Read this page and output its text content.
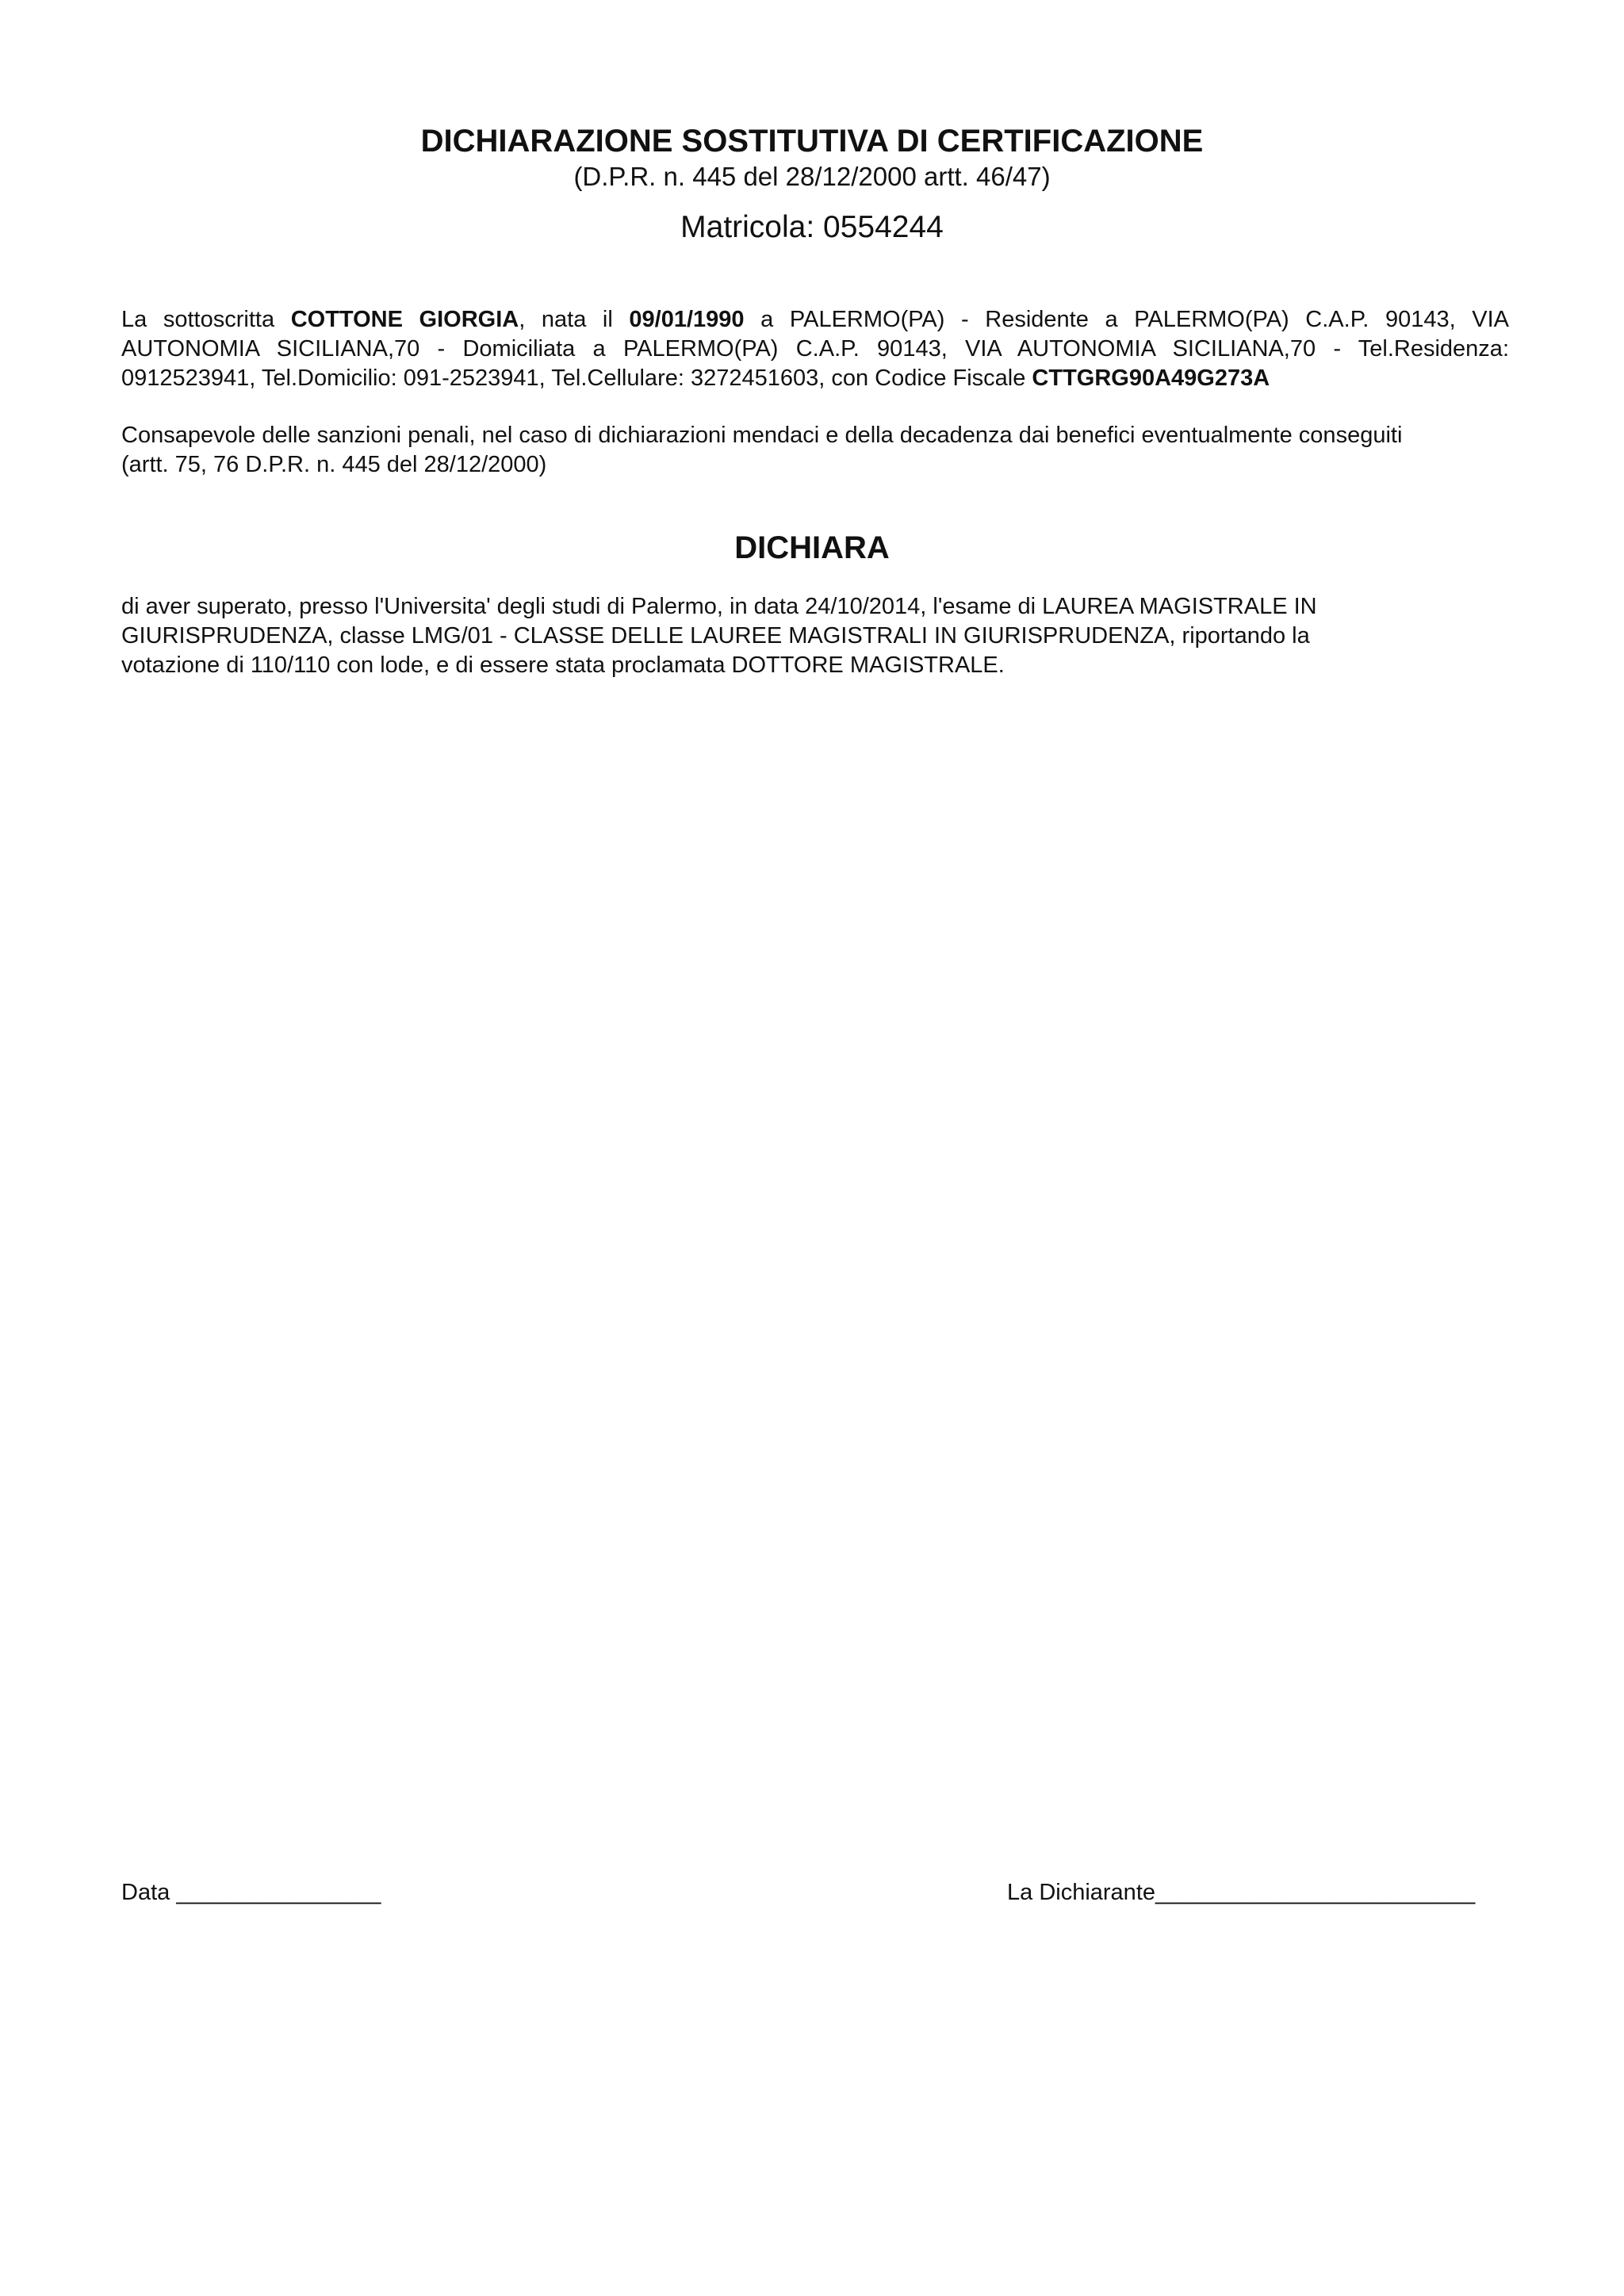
DICHIARAZIONE SOSTITUTIVA DI CERTIFICAZIONE
(D.P.R. n. 445 del 28/12/2000 artt. 46/47)
Matricola: 0554244
La sottoscritta COTTONE GIORGIA, nata il 09/01/1990 a PALERMO(PA) - Residente a PALERMO(PA) C.A.P. 90143, VIA
AUTONOMIA SICILIANA,70 - Domiciliata a PALERMO(PA) C.A.P. 90143, VIA AUTONOMIA SICILIANA,70 - Tel.Residenza:
0912523941, Tel.Domicilio: 091-2523941, Tel.Cellulare: 3272451603, con Codice Fiscale CTTGRG90A49G273A
Consapevole delle sanzioni penali, nel caso di dichiarazioni mendaci e della decadenza dai benefici eventualmente conseguiti
(artt. 75, 76 D.P.R. n. 445 del 28/12/2000)
DICHIARA
di aver superato, presso l'Universita' degli studi di Palermo, in data 24/10/2014, l'esame di LAUREA MAGISTRALE IN
GIURISPRUDENZA, classe LMG/01 - CLASSE DELLE LAUREE MAGISTRALI IN GIURISPRUDENZA, riportando la
votazione di 110/110 con lode, e di essere stata proclamata DOTTORE MAGISTRALE.
Data ________________	La Dichiarante_________________________
